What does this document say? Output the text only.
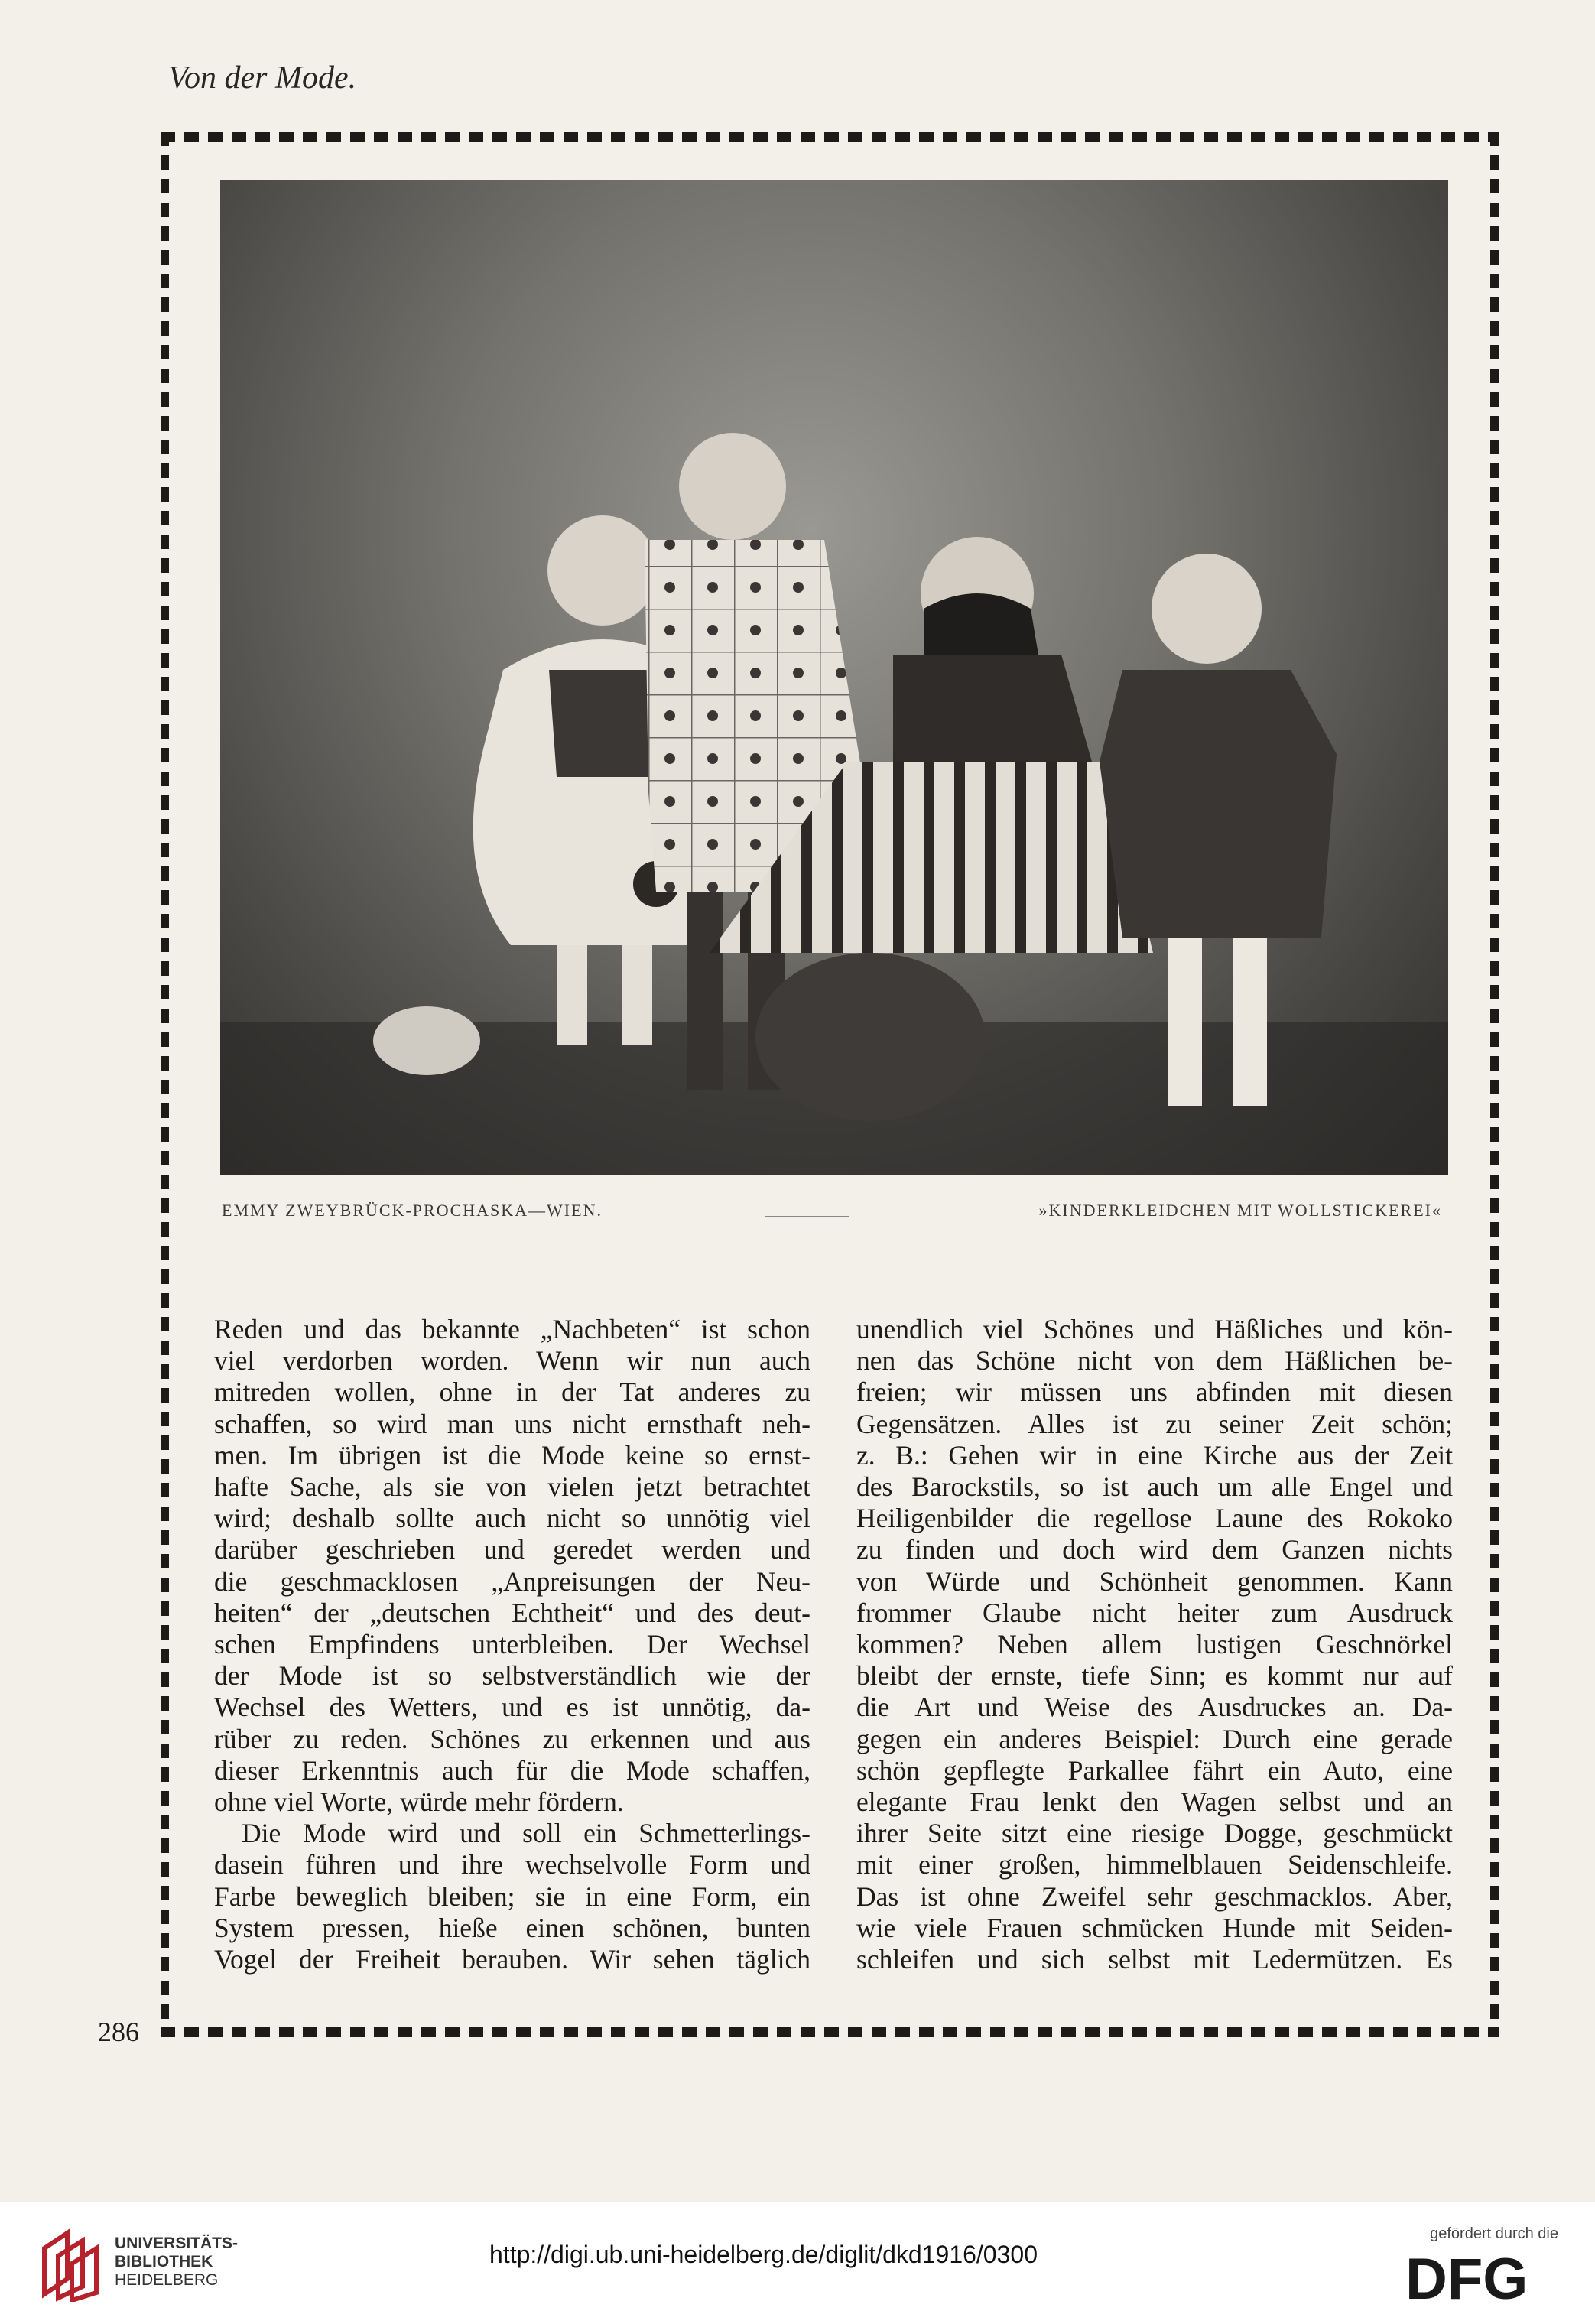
Von der Mode.
EMMY ZWEYBRÜCK-PROCHASKA—WIEN.	»KINDERKLEIDCHEN MIT WOLLSTICKEREI«
Reden und das bekannte „Nachbeten“ ist schon
viel verdorben worden. Wenn wir nun auch
mitreden wollen, ohne in der Tat anderes zu
schaffen, so wird man uns nicht ernsthaft neh-
men. Im übrigen ist die Mode keine so ernst-
hafte Sache, als sie von vielen jetzt betrachtet
wird; deshalb sollte auch nicht so unnötig viel
darüber geschrieben und geredet werden und
die geschmacklosen „Anpreisungen der Neu-
heiten“ der „deutschen Echtheit“ und des deut-
schen Empfindens unterbleiben. Der Wechsel
der Mode ist so selbstverständlich wie der
Wechsel des Wetters, und es ist unnötig, da-
rüber zu reden. Schönes zu erkennen und aus
dieser Erkenntnis auch für die Mode schaffen,
ohne viel Worte, würde mehr fördern.
Die Mode wird und soll ein Schmetterlings-
dasein führen und ihre wechselvolle Form und
Farbe beweglich bleiben; sie in eine Form, ein
System pressen, hieße einen schönen, bunten
Vogel der Freiheit berauben. Wir sehen täglich
unendlich viel Schönes und Häßliches und kön-
nen das Schöne nicht von dem Häßlichen be-
freien; wir müssen uns abfinden mit diesen
Gegensätzen. Alles ist zu seiner Zeit schön;
z. B.: Gehen wir in eine Kirche aus der Zeit
des Barockstils, so ist auch um alle Engel und
Heiligenbilder die regellose Laune des Rokoko
zu finden und doch wird dem Ganzen nichts
von Würde und Schönheit genommen. Kann
frommer Glaube nicht heiter zum Ausdruck
kommen? Neben allem lustigen Geschnörkel
bleibt der ernste, tiefe Sinn; es kommt nur auf
die Art und Weise des Ausdruckes an. Da-
gegen ein anderes Beispiel: Durch eine gerade
schön gepflegte Parkallee fährt ein Auto, eine
elegante Frau lenkt den Wagen selbst und an
ihrer Seite sitzt eine riesige Dogge, geschmückt
mit einer großen, himmelblauen Seidenschleife.
Das ist ohne Zweifel sehr geschmacklos. Aber,
wie viele Frauen schmücken Hunde mit Seiden-
schleifen und sich selbst mit Ledermützen. Es
286
UNIVERSITÄTS-
BIBLIOTHEK
HEIDELBERG
http://digi.ub.uni-heidelberg.de/diglit/dkd1916/0300
gefördert durch die
DFG
